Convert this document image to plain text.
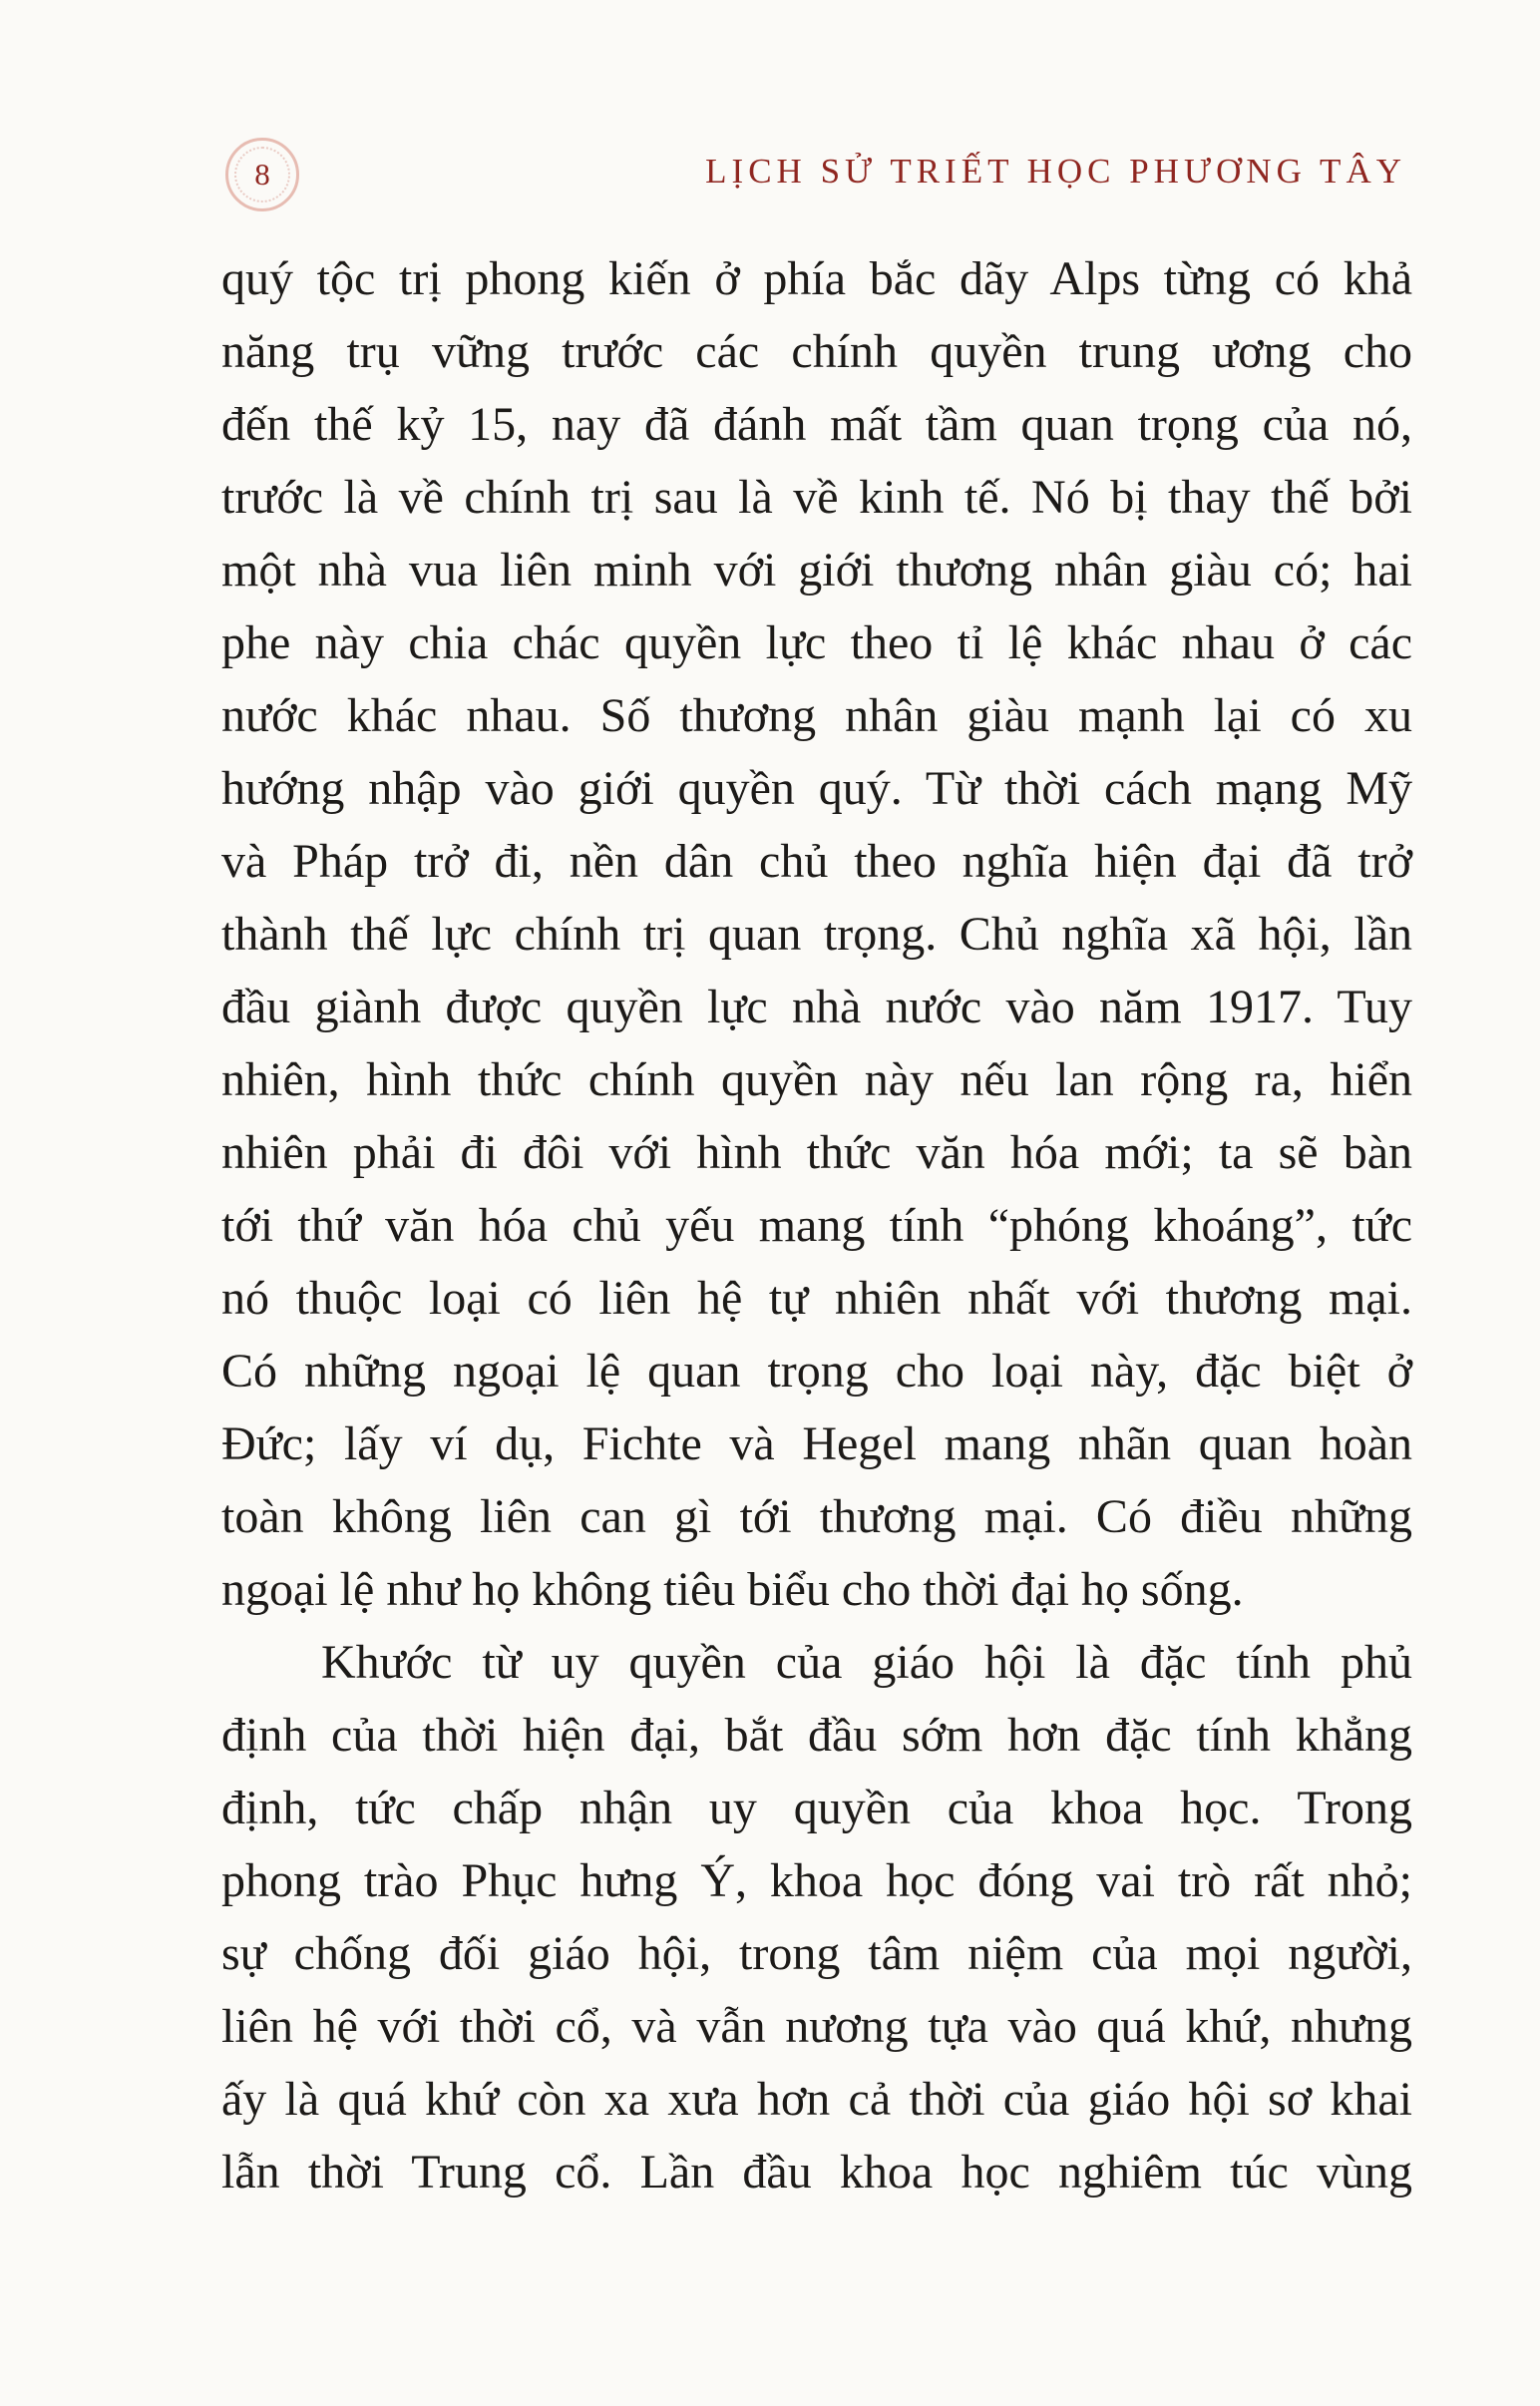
8	LỊCH SỬ TRIẾT HỌC PHƯƠNG TÂY

quý tộc trị phong kiến ở phía bắc dãy Alps từng có khả
năng trụ vững trước các chính quyền trung ương cho
đến thế kỷ 15, nay đã đánh mất tầm quan trọng của nó,
trước là về chính trị sau là về kinh tế. Nó bị thay thế bởi
một nhà vua liên minh với giới thương nhân giàu có; hai
phe này chia chác quyền lực theo tỉ lệ khác nhau ở các
nước khác nhau. Số thương nhân giàu mạnh lại có xu
hướng nhập vào giới quyền quý. Từ thời cách mạng Mỹ
và Pháp trở đi, nền dân chủ theo nghĩa hiện đại đã trở
thành thế lực chính trị quan trọng. Chủ nghĩa xã hội, lần
đầu giành được quyền lực nhà nước vào năm 1917. Tuy
nhiên, hình thức chính quyền này nếu lan rộng ra, hiển
nhiên phải đi đôi với hình thức văn hóa mới; ta sẽ bàn
tới thứ văn hóa chủ yếu mang tính “phóng khoáng”, tức
nó thuộc loại có liên hệ tự nhiên nhất với thương mại.
Có những ngoại lệ quan trọng cho loại này, đặc biệt ở
Đức; lấy ví dụ, Fichte và Hegel mang nhãn quan hoàn
toàn không liên can gì tới thương mại. Có điều những
ngoại lệ như họ không tiêu biểu cho thời đại họ sống.

Khước từ uy quyền của giáo hội là đặc tính phủ
định của thời hiện đại, bắt đầu sớm hơn đặc tính khẳng
định, tức chấp nhận uy quyền của khoa học. Trong
phong trào Phục hưng Ý, khoa học đóng vai trò rất nhỏ;
sự chống đối giáo hội, trong tâm niệm của mọi người,
liên hệ với thời cổ, và vẫn nương tựa vào quá khứ, nhưng
ấy là quá khứ còn xa xưa hơn cả thời của giáo hội sơ khai
lẫn thời Trung cổ. Lần đầu khoa học nghiêm túc vùng
